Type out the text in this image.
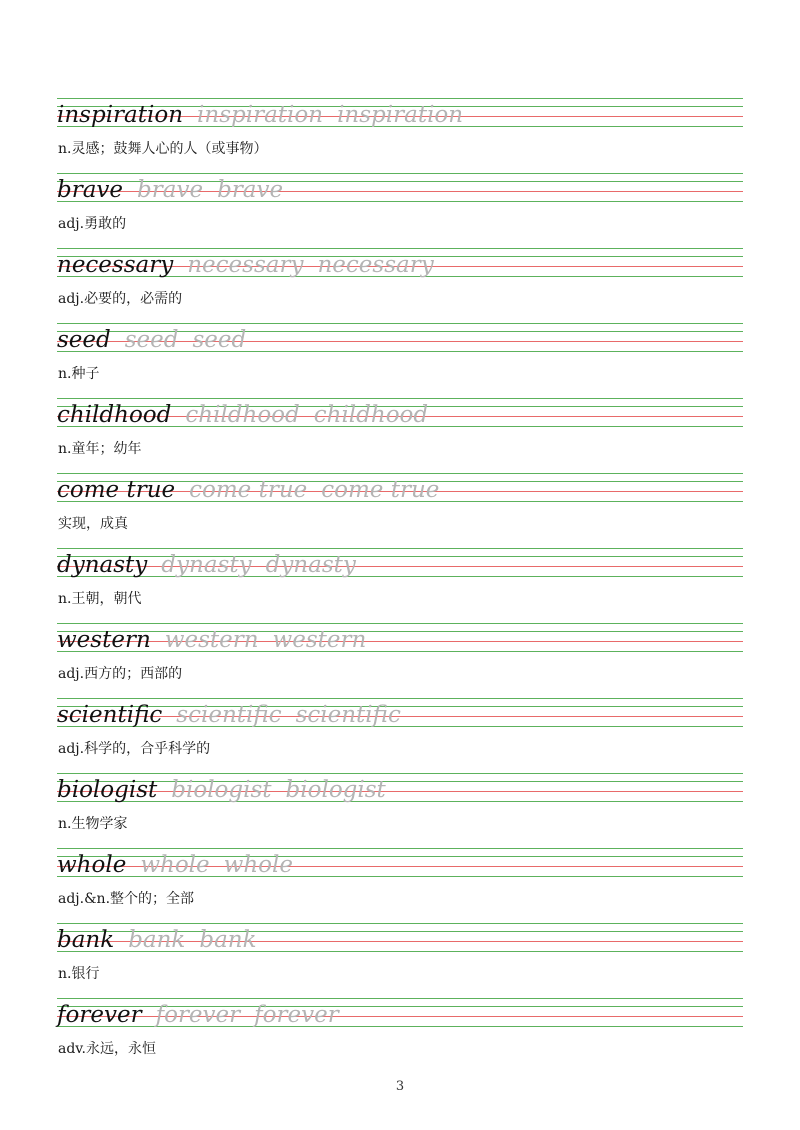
inspiration inspiration inspiration
n.灵感；鼓舞人心的人（或事物）
brave brave brave
adj.勇敢的
necessary necessary necessary
adj.必要的，必需的
seed seed seed
n.种子
childhood childhood childhood
n.童年；幼年
come true come true come true
实现，成真
dynasty dynasty dynasty
n.王朝，朝代
western western western
adj.西方的；西部的
scientific scientific scientific
adj.科学的，合乎科学的
biologist biologist biologist
n.生物学家
whole whole whole
adj.&n.整个的；全部
bank bank bank
n.银行
forever forever forever
adv.永远，永恒
3
